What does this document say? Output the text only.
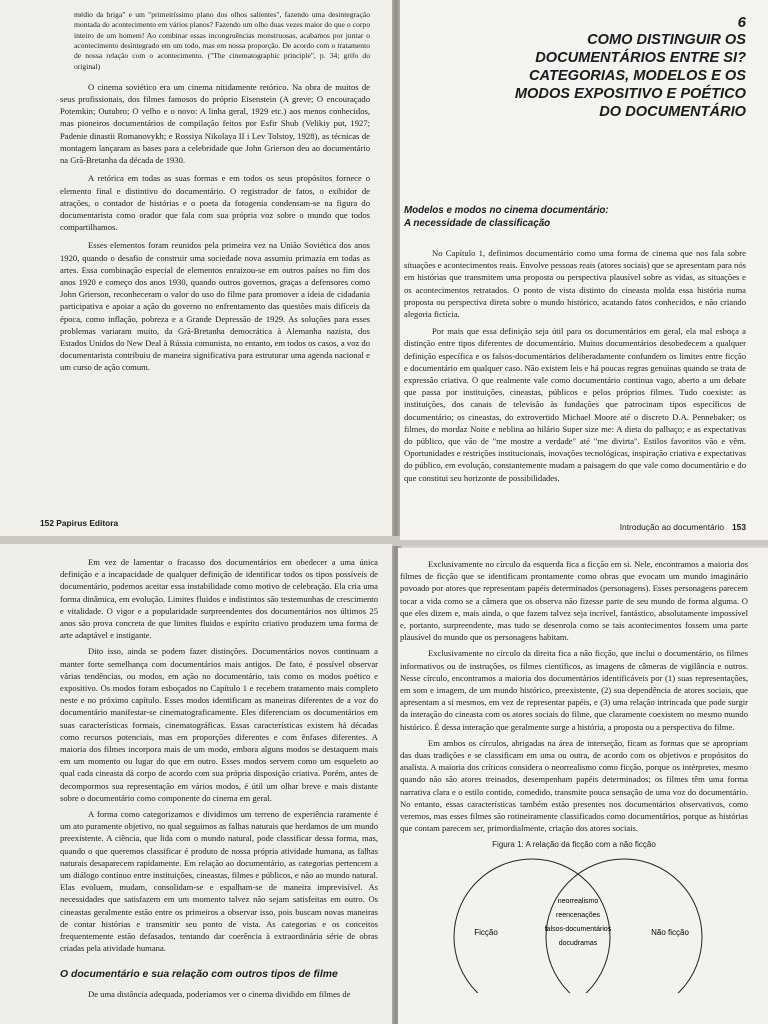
médio da briga" e um "primeiríssimo plano dos olhos salientes", fazendo uma desintegração montada do acontecimento em vários planos? Fazendo um olho duas vezes maior do que o corpo inteiro de um homem! Ao combinar essas incongruências monstruosas, acabamos por juntar o acontecimento desintegrado em um todo, mas em nossa proporção. De acordo com o tratamento de nossa relação com o acontecimento. ("The cinematographic principle", p. 34; grifo do original)

O cinema soviético era um cinema nitidamente retórico. Na obra de muitos de seus profissionais, dos filmes famosos do próprio Eisenstein (A greve; O encouraçado Potemkin; Outubro; O velho e o novo: A linha geral, 1929 etc.) aos menos conhecidos, mas pioneiros documentários de compilação feitos por Esfir Shub (Velikiy put, 1927; Padenie dinastii Romanovykh; e Rossiya Nikolaya II i Lev Tolstoy, 1928), as técnicas de montagem lançaram as bases para a celebridade que John Grierson deu ao documentário na Grã-Bretanha da década de 1930.

A retórica em todas as suas formas e em todos os seus propósitos fornece o elemento final e distintivo do documentário. O registrador de fatos, o exibidor de atrações, o contador de histórias e o poeta da fotogenia condensam-se na figura do documentarista como orador que fala com sua própria voz sobre o mundo que todos compartilhamos.

Esses elementos foram reunidos pela primeira vez na União Soviética dos anos 1920, quando o desafio de construir uma sociedade nova assumiu primazia em todas as artes. Essa combinação especial de elementos enraizou-se em outros países no fim dos anos 1920 e começo dos anos 1930, quando outros governos, graças a defensores como John Grierson, reconheceram o valor do uso do filme para promover a ideia de cidadania participativa e apoiar a ação do governo no enfrentamento das questões mais difíceis da época, como inflação, pobreza e a Grande Depressão de 1929. As soluções para esses problemas variaram muito, da Grã-Bretanha democrática à Alemanha nazista, dos Estados Unidos do New Deal à Rússia comunista, no entanto, em todos os casos, a voz do documentarista contribuiu de maneira significativa para estruturar uma agenda nacional e um curso de ação comum.

152 Papirus Editora
6
COMO DISTINGUIR OS
DOCUMENTÁRIOS ENTRE SI?
CATEGORIAS, MODELOS E OS
MODOS EXPOSITIVO E POÉTICO
DO DOCUMENTÁRIO
Modelos e modos no cinema documentário:
A necessidade de classificação

No Capítulo 1, definimos documentário como uma forma de cinema que nos fala sobre situações e acontecimentos reais. Envolve pessoas reais (atores sociais) que se apresentam para nós em histórias que transmitem uma proposta ou perspectiva plausível sobre as vidas, as situações e os acontecimentos retratados. O ponto de vista distinto do cineasta molda essa história numa proposta ou perspectiva direta sobre o mundo histórico, acatando fatos conhecidos, e não criando alegoria fictícia.

Por mais que essa definição seja útil para os documentários em geral, ela mal esboça a distinção entre tipos diferentes de documentário. Muitos documentários desobedecem a qualquer definição específica e os falsos-documentários deliberadamente confundem os limites entre ficção e documentário em qualquer caso. Não existem leis e há poucas regras genuínas quando se trata de expressão criativa. O que realmente vale como documentário continua vago, aberto a um debate que passa por instituições, cineastas, públicos e pelos próprios filmes. Tudo coexiste: as instituições, dos canais de televisão às fundações que patrocinam tipos específicos de documentário; os cineastas, do extrovertido Michael Moore até o discreto D.A. Pennebaker; os filmes, do mordaz Noite e neblina ao hilário Super size me: A dieta do palhaço; e as expectativas do público, que vão de "me mostre a verdade" até "me divirta". Estilos favoritos vão e vêm. Oportunidades e restrições institucionais, inovações tecnológicas, inspiração criativa e expectativas do público, em evolução, constantemente mudam a paisagem do que vale como documentário e do que constitui seu horizonte de possibilidades.

Introdução ao documentário 153

Em vez de lamentar o fracasso dos documentários em obedecer a uma única definição e a incapacidade de qualquer definição de identificar todos os tipos possíveis de documentário, podemos aceitar essa instabilidade como motivo de celebração. Ela cria uma forma dinâmica, em evolução. Limites fluidos e indistintos são testemunhas de crescimento e vitalidade. O vigor e a popularidade surpreendentes dos documentários nos últimos 25 anos são prova concreta de que limites fluidos e espírito criativo produzem uma forma de arte adaptável e instigante.

Dito isso, ainda se podem fazer distinções. Documentários novos continuam a manter forte semelhança com documentários mais antigos. De fato, é possível observar várias tendências, ou modos, em ação no documentário, tais como os modos poético e expositivo. Os modos foram esboçados no Capítulo 1 e recebem tratamento mais completo neste e no próximo capítulo. Esses modos identificam as maneiras diferentes de a voz do documentário manifestar-se cinematograficamente. Eles diferenciam os documentários em suas características formais, cinematográficas. Essas características existem há décadas como recursos potenciais, mas em proporções diferentes e com ênfases diferentes. A maioria dos filmes incorpora mais de um modo, embora alguns modos se destaquem mais em um momento ou lugar do que em outro. Esses modos servem como um esqueleto ao qual cada cineasta dá corpo de acordo com sua própria disposição criativa. Porém, antes de decompormos sua representação em vários modos, é útil um olhar breve e mais distante sobre o documentário como componente do cinema em geral.

A forma como categorizamos e dividimos um terreno de experiência raramente é um ato puramente objetivo, no qual seguimos as falhas naturais que herdamos de um mundo preexistente. A ciência, que lida com o mundo natural, pode classificar dessa forma, mas, quando o que queremos classificar é produto de nossa própria atividade humana, as falhas naturais desaparecem rapidamente. Em relação ao documentário, as categorias pertencem a um diálogo contínuo entre instituições, cineastas, filmes e públicos, e não ao mundo natural. Elas evoluem, mudam, consolidam-se e espalham-se de maneira imprevisível. As necessidades que satisfazem em um momento talvez não sejam satisfeitas em outro. Os cineastas geralmente estão entre os primeiros a observar isso, pois buscam novas maneiras de contar histórias e transmitir seu ponto de vista. As categorias e os conceitos frequentemente estão defasados, tentando dar coerência à extraordinária série de obras criadas pela atividade humana.

O documentário e sua relação com outros tipos de filme

De uma distância adequada, poderíamos ver o cinema dividido em filmes de

Exclusivamente no círculo da esquerda fica a ficção em si. Nele, encontramos a maioria dos filmes de ficção que se identificam prontamente como obras que evocam um mundo imaginário povoado por atores que representam papéis determinados (personagens). Esses personagens parecem tocar a vida como se a câmera que os observa não fizesse parte de seu mundo de forma alguma. O que eles dizem e, mais ainda, o que fazem talvez seja incrível, fantástico, absolutamente impossível e, portanto, surpreendente, mas tudo se desenrola como se tais acontecimentos fossem uma parte plausível do mundo que os personagens habitam.

Exclusivamente no círculo da direita fica a não ficção, que inclui o documentário, os filmes informativos ou de instruções, os filmes científicos, as imagens de câmeras de vigilância e outros. Nesse círculo, encontramos a maioria dos documentários identificáveis por (1) suas representações, em som e imagem, de um mundo histórico, preexistente, (2) sua dependência de atores sociais, que apresentam a si mesmos, em vez de representar papéis, e (3) uma relação intrincada que pode surgir da interação do cineasta com os atores sociais do filme, que claramente coexistem no mesmo mundo histórico. É dessa interação que geralmente surge a história, a proposta ou a perspectiva do filme.

Em ambos os círculos, abrigadas na área de interseção, ficam as formas que se apropriam das duas tradições e se classificam em uma ou outra, de acordo com os objetivos e propósitos do analista. A maioria dos críticos considera o neorrealismo como ficção, porque os intérpretes, mesmo quando não são atores treinados, desempenham papéis determinados; os filmes têm uma forma narrativa clara e o estilo contido, comedido, transmite pouca sensação de uma voz do documentário. No entanto, essas características também estão presentes nos documentários observativos, como veremos, mas esses filmes são rotineiramente classificados como documentários, porque as histórias que contam parecem ser, primordialmente, criação dos atores sociais.

Figura 1: A relação da ficção com a não ficção
Ficção	Não ficção
neorrealismo
reencenações
falsos-documentários
docudramas
